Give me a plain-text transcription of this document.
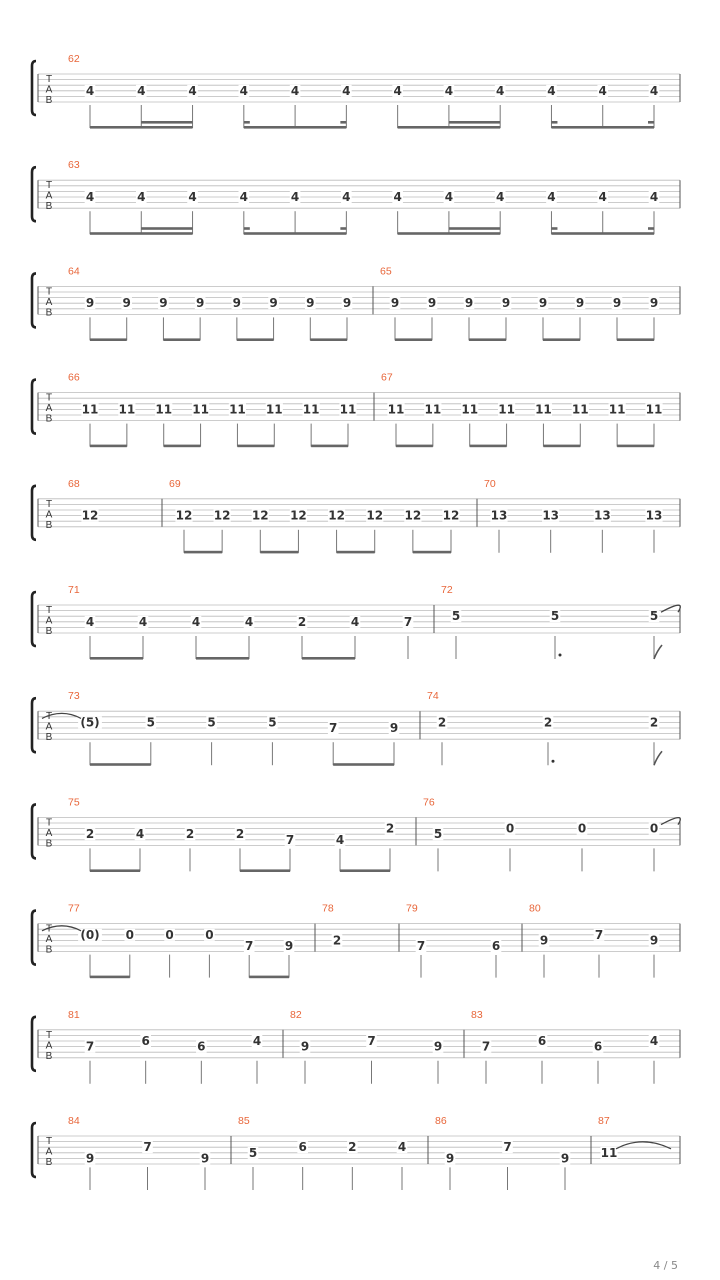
T
A
B
62
4	4	4	4	4	4	4	4	4	4	4	4
T
A
B
63
4	4	4	4	4	4	4	4	4	4	4	4
T
A
B
64
9 9 9 9 9 9 9 9
65
9 9 9 9 9 9 9 9
T
A
B
66
11 11 11 11 11 11 11 11
67
11 11 11 11 11 11 11 11
T
A
B
68
12
69
12 12 12 12 12 12 12 12
70
13	13	13	13
T
A
B
71
4	4	4	4	2	4	7
72
5	5	5
T
A
B
73
(5)	5	5	5	7	9
74
2	2	2
T
A
B
75
2	4	2	2	7	4
2
76
5	0	0	0
T
A
B
77
(0) 0	0	0
7	9
78
2
79
7	6
80
9	7	9
T
A
B
81
7	6	6	4
82
9	7	9
83
7	6	6	4
T
A
B
84
9
7
9
85
5	6	2	4
86
9
7
9
87
11
4 / 5
